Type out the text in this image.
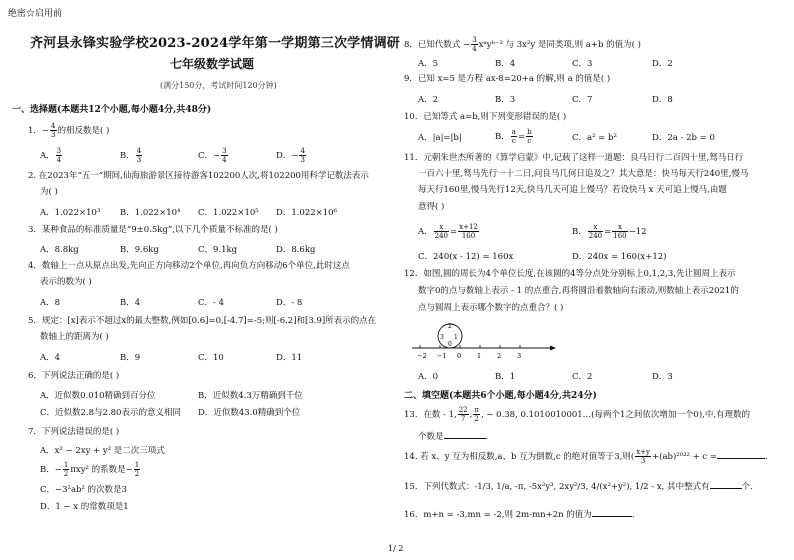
绝密☆启用前
齐河县永锋实验学校2023-2024学年第一学期第三次学情调研
七年级数学试题
(满分150分，考试时间120分钟)
一、选择题(本题共12个小题,每小题4分,共48分)
1．− $\frac{4}{3}$ 的相反数是( )
A． $\frac{3}{4}$	B． $\frac{4}{3}$	C．− $\frac{3}{4}$	D．− $\frac{4}{3}$
2. 在2023年“五一”期间,仙海旅游景区接待游客102200人次,将102200用科学记数法表示
为( )
A．1.022×10³ B．1.022×10⁴ C．1.022×10⁵ D．1.022×10⁶
3．某种食品的标准质量是“9±0.5kg”,以下几个质量不标准的是( )
A．8.8kg	B．9.6kg	C．9.1kg	D．8.6kg
4．数轴上一点从原点出发,先向正方向移动2个单位,再向负方向移动6个单位,此时这点
表示的数为( )
A．8	B．4	C．- 4	D．- 8
5．规定：[x]表示不超过x的最大整数,例如[0.6]=0,[-4.7]=-5;则[-6.2]和[3.9]所表示的点在
数轴上的距离为( )
A．4	B．9	C．10	D．11
6．下列说法正确的是( )
A．近似数0.010精确到百分位	B．近似数4.3万精确到千位
C．近似数2.8与2.80表示的意义相同 D．近似数43.0精确到个位
7．下列说法错误的是( )
A．x² − 2xy + y² 是二次三项式
B．− $\frac{1}{2} \pi xy^2$ 的系数是− $\frac{1}{2}$
C．−3²ab² 的次数是3
D．1 − x 的常数项是1
8．已知代数式 − $\frac{3}{4}$ xᵃyᵇ⁻² 与 3x²y 是同类项,则 a+b 的值为( )
A．5	B．4	C．3	D．2
9．已知 x=5 是方程 ax-8=20+a 的解,则 a 的值是( )
A．2	B．3	C．7	D．8
10．已知等式 a=b,则下列变形错误的是( )
A．|a|=|b|	B． $\frac{a}{c} = \frac{b}{c}$	C．a² = b²	D．2a - 2b = 0
11．元朝朱世杰所著的《算学启蒙》中,记载了这样一道题：良马日行二百四十里,驽马日行
一百六十里,驽马先行一十二日,问良马几何日追及之？其大意是：快马每天行240里,慢马
每天行160里,慢马先行12天,快马几天可追上慢马？若设快马 x 天可追上慢马,由题
意得( )
A． $\frac{x}{240} = \frac{x+12}{160}$	B． $\frac{x}{240} = \frac{x}{160} -12$
C．240(x - 12) = 160x	D．240x = 160(x+12)
12．如图,圆的周长为4个单位长度,在该圆的4等分点处分别标上0,1,2,3,先让圆周上表示
数字0的点与数轴上表示 - 1 的点重合,再将圆沿着数轴向右滚动,则数轴上表示2021的
点与圆周上表示哪个数字的点重合？( )
−2 −1 0 1 2 3
2
1
3
0
A．0	B．1	C．2	D．3
二、填空题(本题共6个小题,每小题4分,共24分)
13．在数 - 1, $\frac{22}{7}$ , $\frac{\pi}{2}$ , − 0.38, 0.1010010001…(每两个1之间依次增加一个0),中,有理数的
个数是	.
14. 若 x、y 互为相反数,a、b 互为倒数,c 的绝对值等于3,则( $\frac{x+y}{3} +(ab)^{2022} + c$ =	.
15．下列代数式：-1/3, 1/a, -π, -5x²y³, 2xy²/3, 4/(x²+y²), 1/2 - x, 其中整式有	个.
16．m+n = -3,mn = -2,则 2m-mn+2n 的值为	.
1/ 2
